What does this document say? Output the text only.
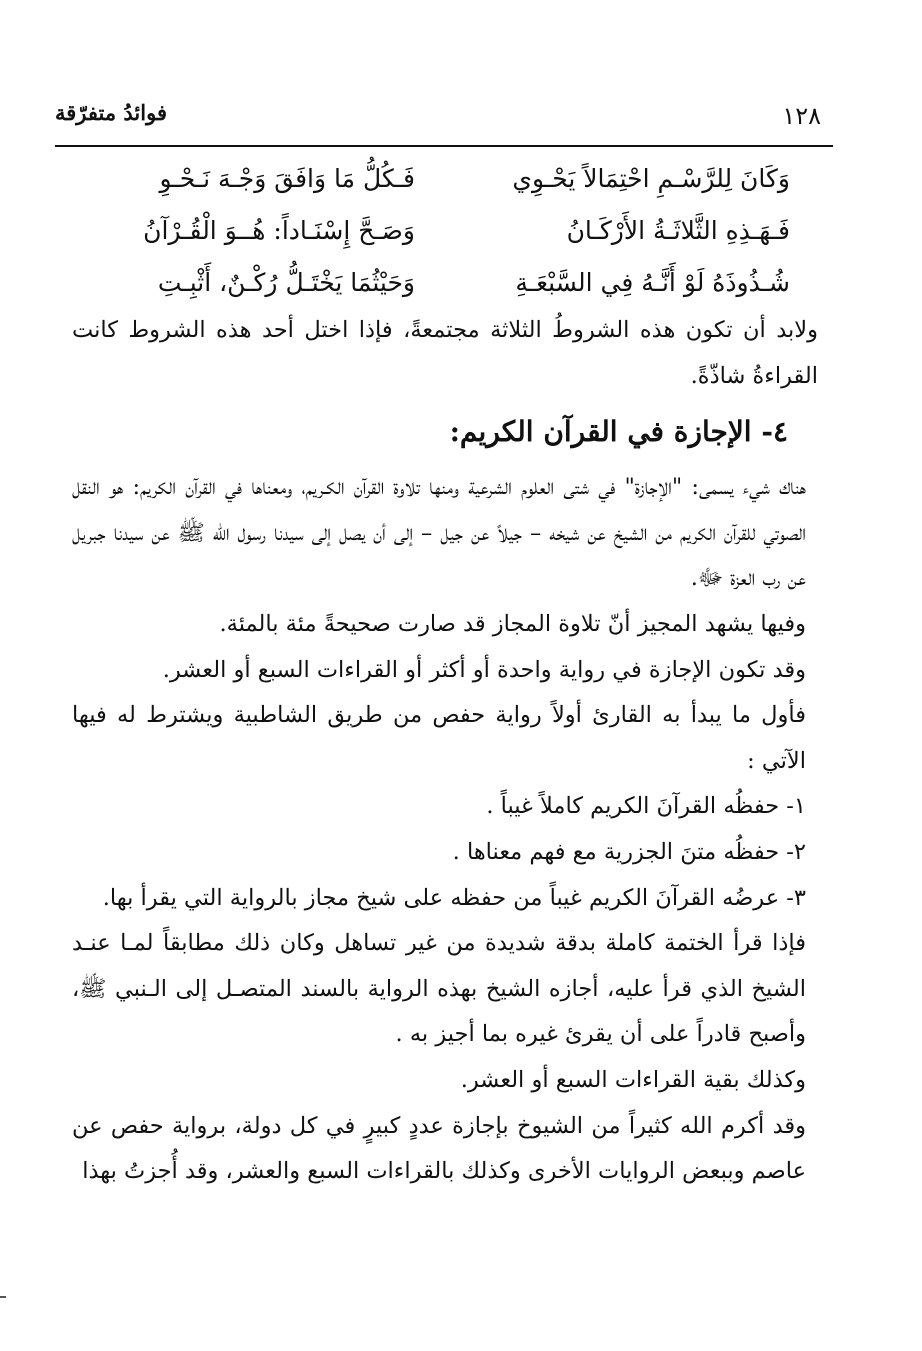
فوائدُ متفرّقة	١٢٨
فَـكُلُّ مَا وَافَقَ وَجْـهَ نَـحْـوِ	وَكَانَ لِلرَّسْـمِ احْتِمَالاً يَحْـوِي
وَصَـحَّ إِسْنَـاداً: هُــوَ الْقُـرْآنُ	فَـهَـذِهِ الثَّلاثَـةُ الأَرْكَـانُ
وَحَيْثُمَا يَخْتَـلُّ رُكْـنٌ، أَثْبِـتِ	شُـذُوذَهُ لَوْ أَنَّـهُ فِي السَّبْعَـةِ

ولابد أن تكون هذه الشروطُ الثلاثة مجتمعةً، فإذا اختل أحد هذه الشروط كانت القراءةُ شاذّةً.

٤- الإجازة في القرآن الكريم:

هناك شيء يسمى: "الإجازة" في شتى العلوم الشرعية ومنها تلاوة القرآن الكـريم، ومعناها في القرآن الكريم: هو النقل الصوتي للقرآن الكريم من الشيخ عن شيخه – جيلاً عن جيل – إلى أن يصل إلى سيدنا رسول الله ﷺ عن سيدنا جبريل عن رب العزة ﷻ.

وفيها يشهد المجيز أنّ تلاوة المجاز قد صارت صحيحةً مئة بالمئة.

وقد تكون الإجازة في رواية واحدة أو أكثر أو القراءات السبع أو العشر.

فأول ما يبدأ به القارئ أولاً رواية حفص من طريق الشاطبية ويشترط له فيها الآتي :

١- حفظُه القرآنَ الكريم كاملاً غيباً .

٢- حفظُه متنَ الجزرية مع فهم معناها .

٣- عرضُه القرآنَ الكريم غيباً من حفظه على شيخ مجاز بالرواية التي يقرأ بها.

فإذا قرأ الختمة كاملة بدقة شديدة من غير تساهل وكان ذلك مطابقاً لمـا عنـد الشيخ الذي قرأ عليه، أجازه الشيخ بهذه الرواية بالسند المتصـل إلى الـنبي ﷺ، وأصبح قادراً على أن يقرئ غيره بما أجيز به .

وكذلك بقية القراءات السبع أو العشر.

وقد أكرم الله كثيراً من الشيوخ بإجازة عددٍ كبيرٍ في كل دولة، برواية حفص عن عاصم وببعض الروايات الأخرى وكذلك بالقراءات السبع والعشر، وقد أُجزتُ بهذا
